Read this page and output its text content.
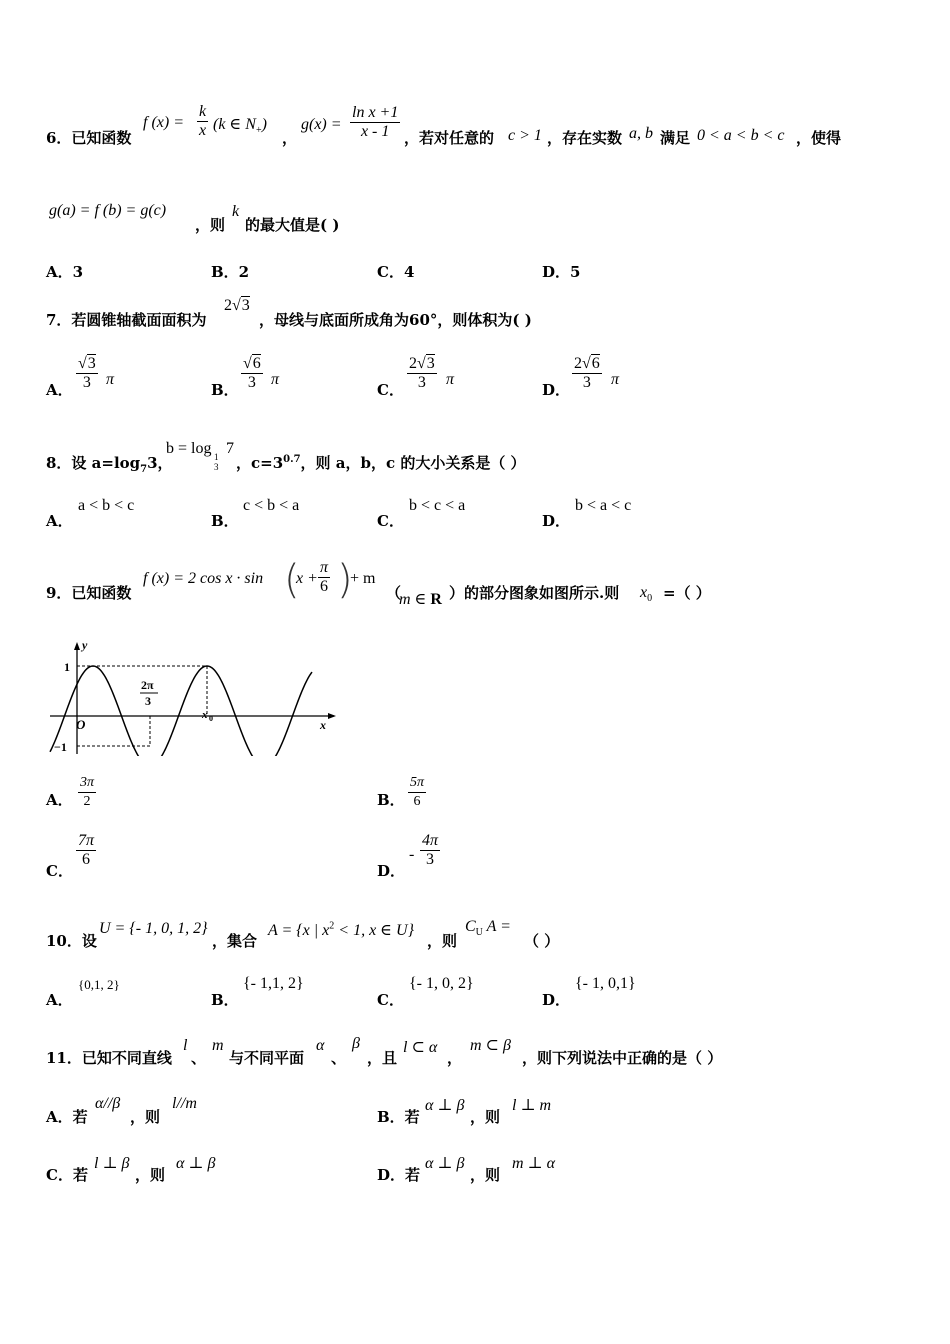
6．已知函数
f $(x) = \frac{k}{x} (k$ ∈ $N_+$)
，
$g(x) = \frac{\text{ln x +1}}{x - 1}$ ，若对任意的 c > 1 ，存在实数 a, b 满足 0 < a < b < c ，使得
g(a) = f (b) = g(c)
，则
k
的最大值是( )
A．3	B．2	C．4	D．5
7．若圆锥轴截面面积为
2√3
，母线与底面所成角为60°，则体积为( )
A． $\frac{√3}{3}$ π
B． $\frac{√6}{3}$ π
C． $\frac{2√3}{3}$ π
D． $\frac{2√6}{3}$ π
8．设 $a=\log_73$，
b = log 1
3
7
，$c=3^{0.7}$，则 a，b，c 的大小关系是（ ）
A．
a < b < c
B．
c < b < a
C．
b < c < a
D．
b < a < c
9．已知函数
f (x) = 2 cos x · sin (
$x + \frac{\pi}{6}$ )
+ m
（
m ∈ R ）的部分图象如图所示.则 $x_0$ =（ ）
y
x
O
1
−1
2π
3
x 0
A． $\frac{3\pi}{2}$	B． $\frac{5\pi}{6}$
C．
$\frac{7\pi}{6}$
D．
- $\frac{4\pi}{3}$
10．设
U = {- 1, 0, 1, 2}
，集合
A = {x | $x^2 < 1$, x ∈ U}
，则
$C_U$ A =
（ ）
A．
{0,1, 2}
B．
{- 1,1, 2}
C．
{- 1, 0, 2}
D．
{- 1, 0,1}
11．已知不同直线
l
、
m
与不同平面
α
、
β
，且
l ⊂ α
，
m ⊂ β
，则下列说法中正确的是（ ）
A．若
α//β
，则
l//m
B．若
α ⊥ β
，则
l ⊥ m
C．若
l ⊥ β
，则
α ⊥ β
D．若
α ⊥ β
，则
m ⊥ α
